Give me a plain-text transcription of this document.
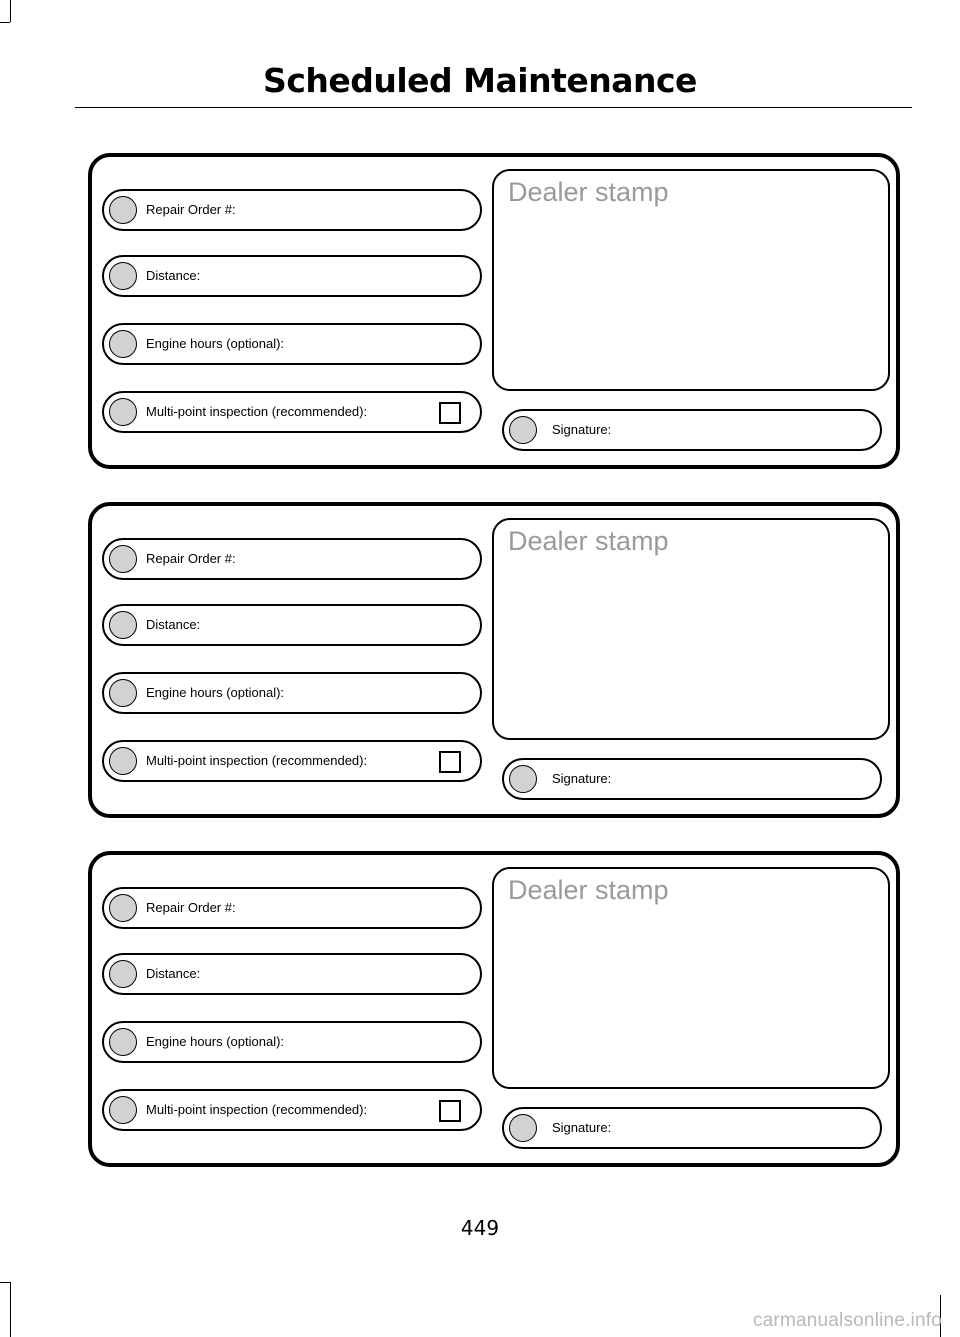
Scheduled Maintenance
Repair Order #:
Distance:
Engine hours (optional):
Multi-point inspection (recommended):
Dealer stamp
Signature:
Repair Order #:
Distance:
Engine hours (optional):
Multi-point inspection (recommended):
Dealer stamp
Signature:
Repair Order #:
Distance:
Engine hours (optional):
Multi-point inspection (recommended):
Dealer stamp
Signature:
449
carmanualsonline.info
